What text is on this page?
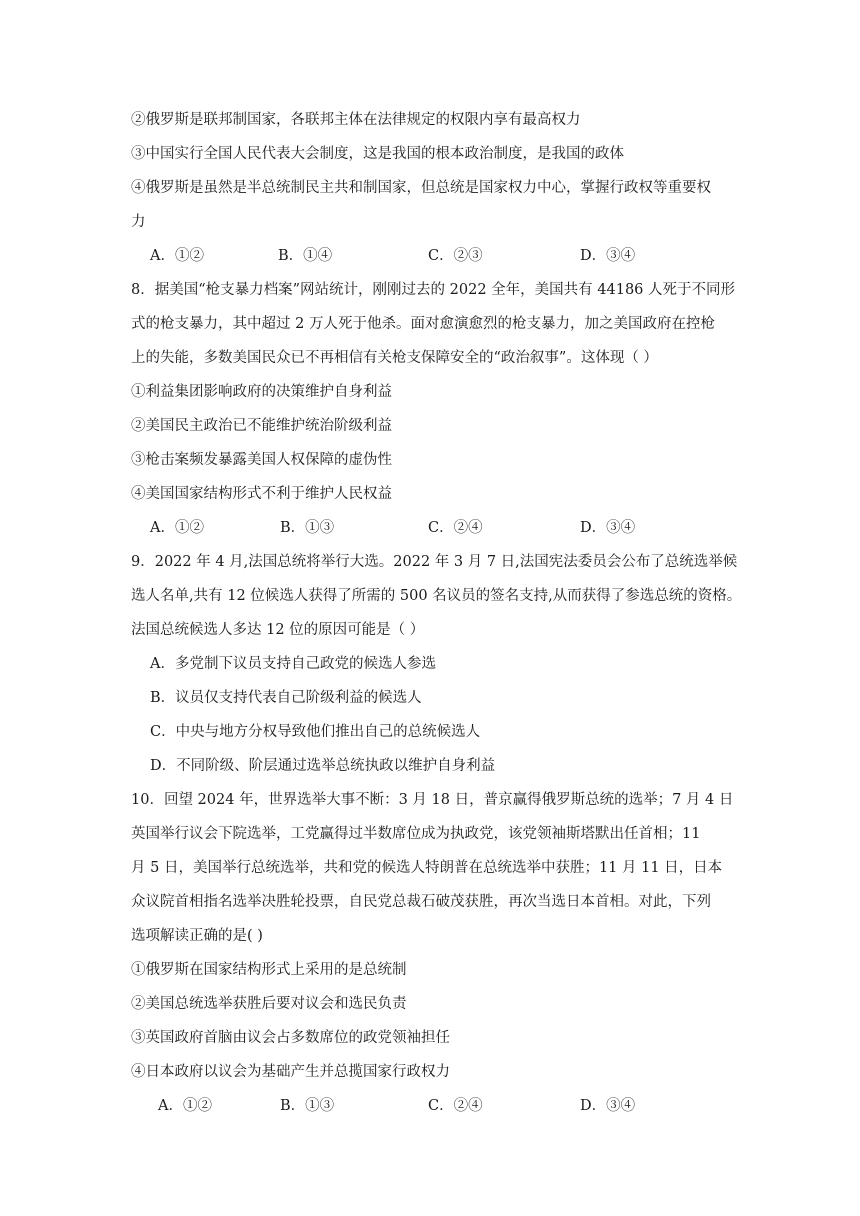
②俄罗斯是联邦制国家，各联邦主体在法律规定的权限内享有最高权力
③中国实行全国人民代表大会制度，这是我国的根本政治制度，是我国的政体
④俄罗斯是虽然是半总统制民主共和制国家，但总统是国家权力中心，掌握行政权等重要权
力
A．①②	B．①④	C．②③	D．③④
8．据美国“枪支暴力档案”网站统计，刚刚过去的 2022 全年，美国共有 44186 人死于不同形
式的枪支暴力，其中超过 2 万人死于他杀。面对愈演愈烈的枪支暴力，加之美国政府在控枪
上的失能，多数美国民众已不再相信有关枪支保障安全的“政治叙事”。这体现（ ）
①利益集团影响政府的决策维护自身利益
②美国民主政治已不能维护统治阶级利益
③枪击案频发暴露美国人权保障的虚伪性
④美国国家结构形式不利于维护人民权益
A．①②	B．①③	C．②④	D．③④
9．2022 年 4 月,法国总统将举行大选。2022 年 3 月 7 日,法国宪法委员会公布了总统选举候
选人名单,共有 12 位候选人获得了所需的 500 名议员的签名支持,从而获得了参选总统的资格。
法国总统候选人多达 12 位的原因可能是（ ）
A．多党制下议员支持自己政党的候选人参选
B．议员仅支持代表自己阶级利益的候选人
C．中央与地方分权导致他们推出自己的总统候选人
D．不同阶级、阶层通过选举总统执政以维护自身利益
10．回望 2024 年，世界选举大事不断：3 月 18 日，普京赢得俄罗斯总统的选举；7 月 4 日
英国举行议会下院选举，工党赢得过半数席位成为执政党，该党领袖斯塔默出任首相；11
月 5 日，美国举行总统选举，共和党的候选人特朗普在总统选举中获胜；11 月 11 日，日本
众议院首相指名选举决胜轮投票，自民党总裁石破茂获胜，再次当选日本首相。对此，下列
选项解读正确的是( )
①俄罗斯在国家结构形式上采用的是总统制
②美国总统选举获胜后要对议会和选民负责
③英国政府首脑由议会占多数席位的政党领袖担任
④日本政府以议会为基础产生并总揽国家行政权力
A．①②	B．①③	C．②④	D．③④
